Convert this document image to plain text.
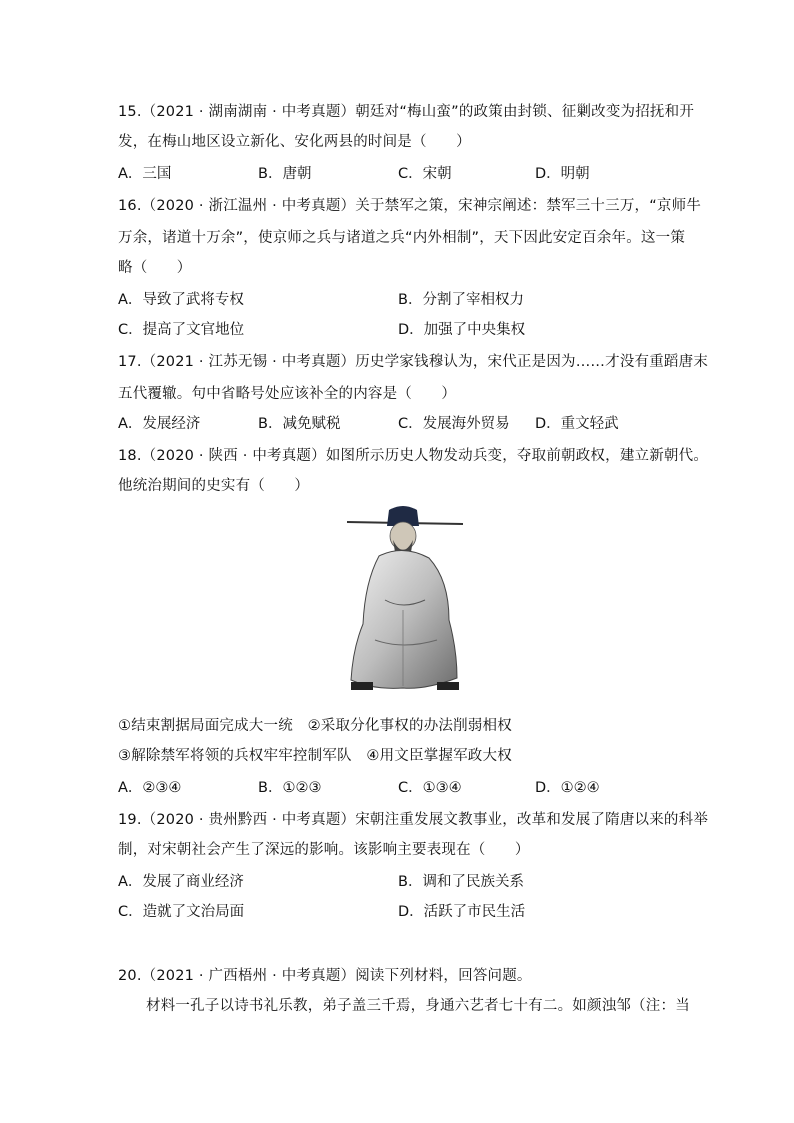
15.（2021 · 湖南湖南 · 中考真题）朝廷对“梅山蛮”的政策由封锁、征剿改变为招抚和开
发，在梅山地区设立新化、安化两县的时间是（　　）
A．三国	B．唐朝	C．宋朝	D．明朝
16.（2020 · 浙江温州 · 中考真题）关于禁军之策，宋神宗阐述：禁军三十三万，“京师牛
万余，诸道十万余”，使京师之兵与诸道之兵“内外相制”，天下因此安定百余年。这一策
略（　　）
A．导致了武将专权	B．分割了宰相权力
C．提高了文官地位	D．加强了中央集权
17.（2021 · 江苏无锡 · 中考真题）历史学家钱穆认为，宋代正是因为……才没有重蹈唐末
五代覆辙。句中省略号处应该补全的内容是（　　）
A．发展经济	B．减免赋税	C．发展海外贸易 D．重文轻武
18.（2020 · 陕西 · 中考真题）如图所示历史人物发动兵变，夺取前朝政权，建立新朝代。
他统治期间的史实有（　　）
①结束割据局面完成大一统　②采取分化事权的办法削弱相权
③解除禁军将领的兵权牢牢控制军队　④用文臣掌握军政大权
A．②③④	B．①②③	C．①③④	D．①②④
19.（2020 · 贵州黔西 · 中考真题）宋朝注重发展文教事业，改革和发展了隋唐以来的科举
制，对宋朝社会产生了深远的影响。该影响主要表现在（　　）
A．发展了商业经济	B．调和了民族关系
C．造就了文治局面	D．活跃了市民生活
20.（2021 · 广西梧州 · 中考真题）阅读下列材料，回答问题。
材料一孔子以诗书礼乐教，弟子盖三千焉，身通六艺者七十有二。如颜浊邹（注：当
